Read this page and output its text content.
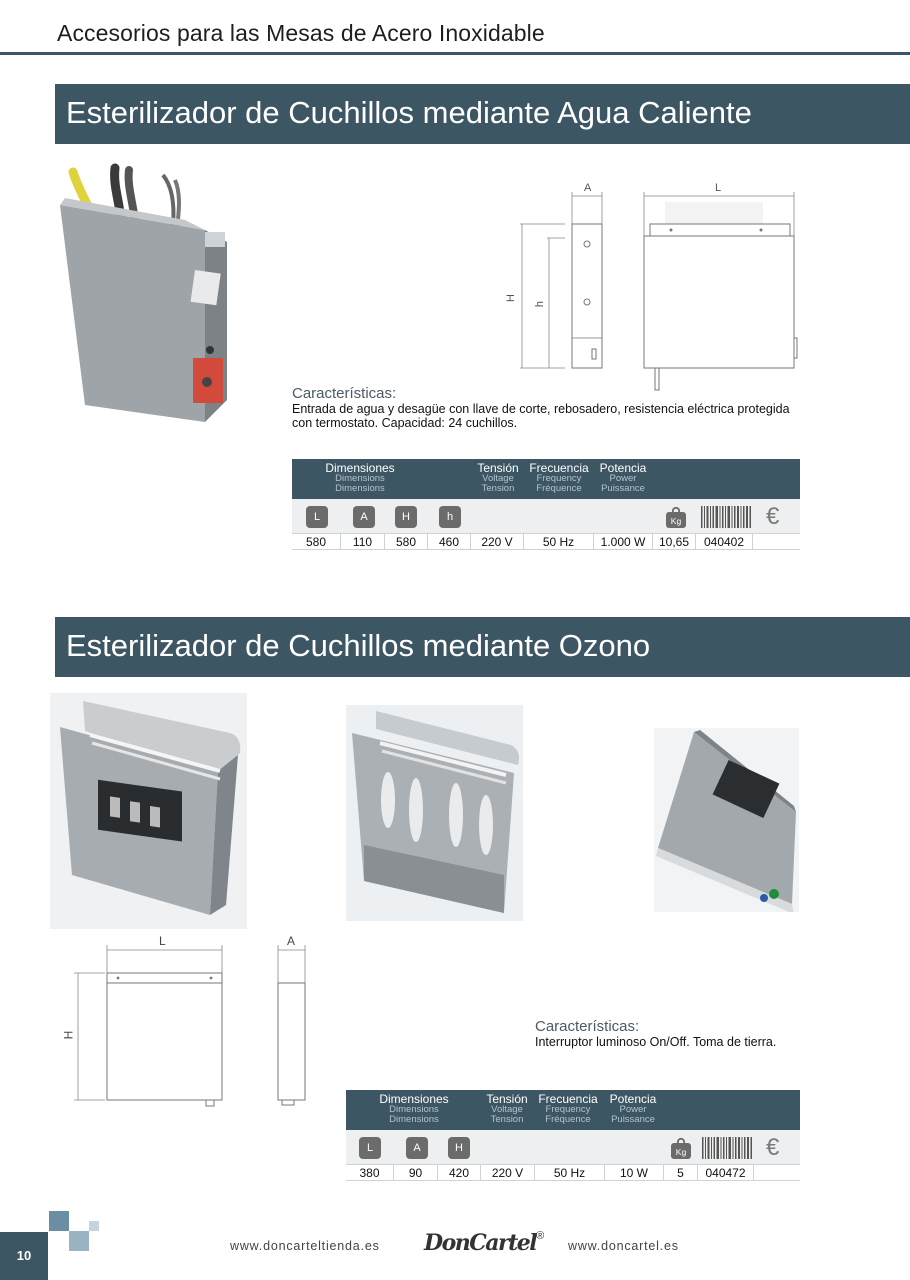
Accesorios para las Mesas de Acero Inoxidable
Esterilizador de Cuchillos mediante Agua Caliente
A	L
H
h
Características:
Entrada de agua y desagüe con llave de corte, rebosadero, resistencia eléctrica protegida con termostato. Capacidad: 24 cuchillos.
Dimensiones
Dimensions
Dimensions
Tensión
Voltage
Tension
Frecuencia
Frequency
Fréquence
Potencia
Power
Puissance
L	A	H	h	Kg	€
580	110	580	460	220 V	50 Hz	1.000 W	10,65	040402
Esterilizador de Cuchillos mediante Ozono
L	A
H	Características:
Interruptor luminoso On/Off. Toma de tierra.
Dimensiones
Dimensions
Dimensions
Tensión
Voltage
Tension
Frecuencia
Frequency
Fréquence
Potencia
Power
Puissance
L	A	H	Kg	€
380	90	420	220 V	50 Hz	10 W	5	040472
10
www.doncarteltienda.es DonCartel®
www.doncartel.es
